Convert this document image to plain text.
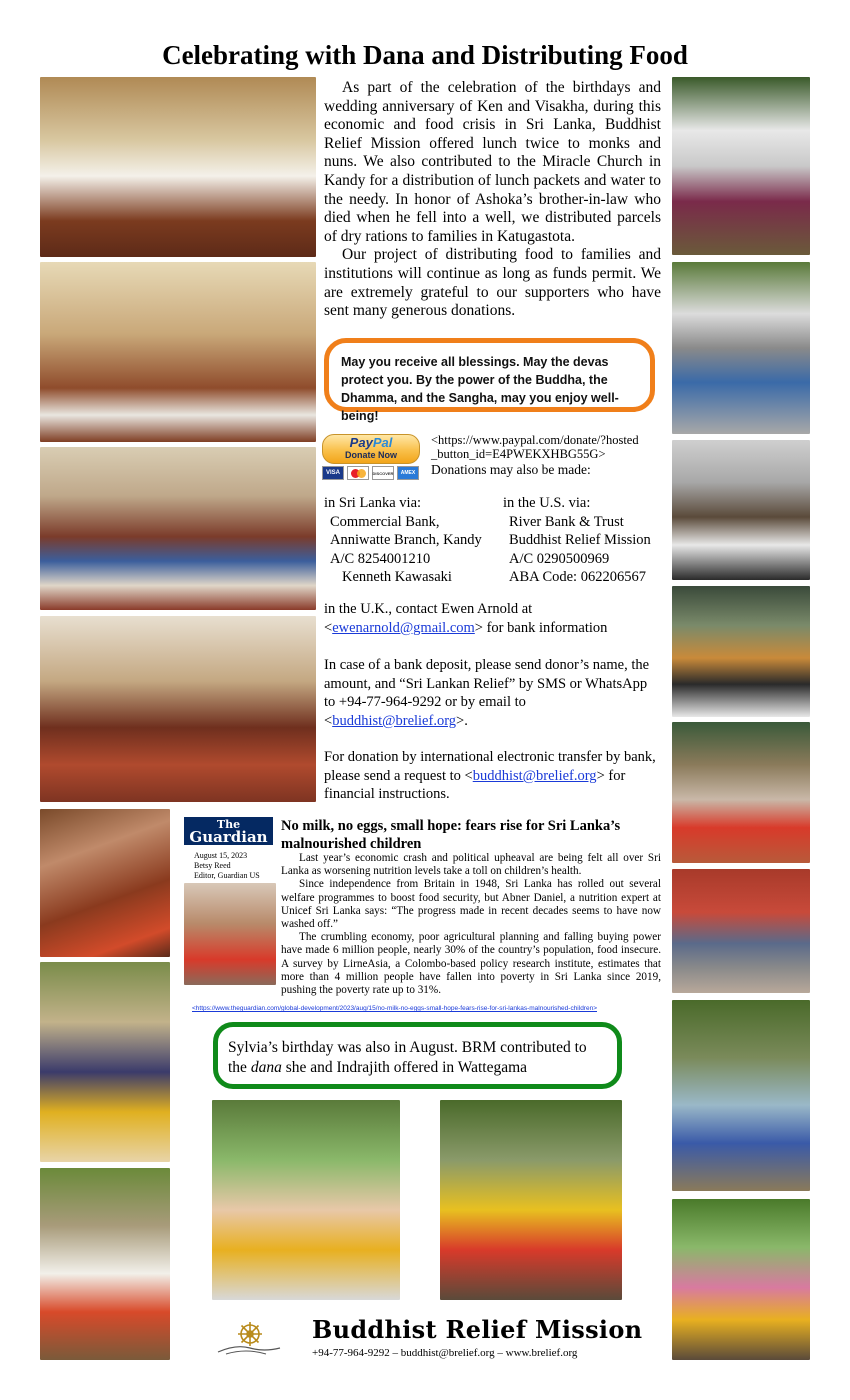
Celebrating with Dana and Distributing Food

As part of the celebration of the birthdays and wedding anniversary of Ken and Visakha, during this economic and food crisis in Sri Lanka, Buddhist Relief Mission offered lunch twice to monks and nuns. We also contributed to the Miracle Church in Kandy for a distribution of lunch packets and water to the needy. In honor of Ashoka’s brother-in-law who died when he fell into a well, we distributed parcels of dry rations to families in Katugastota.

Our project of distributing food to families and institutions will continue as long as funds permit. We are extremely grateful to our supporters who have sent many generous donations.

May you receive all blessings. May the devas protect you. By the power of the Buddha, the Dhamma, and the Sangha, may you enjoy well-being!
PayPal
Donate Now
VISA	DISCOVER	AMEX
<https://www.paypal.com/donate/?hosted _button_id=E4PWEKXHBG55G>
Donations may also be made:
in Sri Lanka via:
Commercial Bank,
Anniwatte Branch, Kandy
A/C 8254001210
Kenneth Kawasaki
in the U.S. via:
River Bank & Trust
Buddhist Relief Mission
A/C 0290500969
ABA Code: 062206567
in the U.K., contact Ewen Arnold at
<ewenarnold@gmail.com> for bank information
In case of a bank deposit, please send donor’s name, the amount, and “Sri Lankan Relief” by SMS or WhatsApp to +94-77-964-9292 or by email to <buddhist@brelief.org>.
For donation by international electronic transfer by bank, please send a request to <buddhist@brelief.org> for financial instructions.
The
Guardian
August 15, 2023
Betsy Reed
Editor, Guardian US
No milk, no eggs, small hope: fears rise for Sri Lanka’s malnourished children

Last year’s economic crash and political upheaval are being felt all over Sri Lanka as worsening nutrition levels take a toll on children’s health.

Since independence from Britain in 1948, Sri Lanka has rolled out several welfare programmes to boost food security, but Abner Daniel, a nutrition expert at Unicef Sri Lanka says: “The progress made in recent decades seems to have now washed off.”

The crumbling economy, poor agricultural planning and falling buying power have made 6 million people, nearly 30% of the country’s population, food insecure. A survey by LirneAsia, a Colombo-based policy research institute, estimates that more than 4 million people have fallen into poverty in Sri Lanka since 2019, pushing the poverty rate up to 31%.

<https://www.theguardian.com/global-development/2023/aug/15/no-milk-no-eggs-small-hope-fears-rise-for-sri-lankas-malnourished-children>
Sylvia’s birthday was also in August. BRM contributed to the dana she and Indrajith offered in Wattegama
Buddhist Relief Mission
+94-77-964-9292 – buddhist@brelief.org – www.brelief.org
